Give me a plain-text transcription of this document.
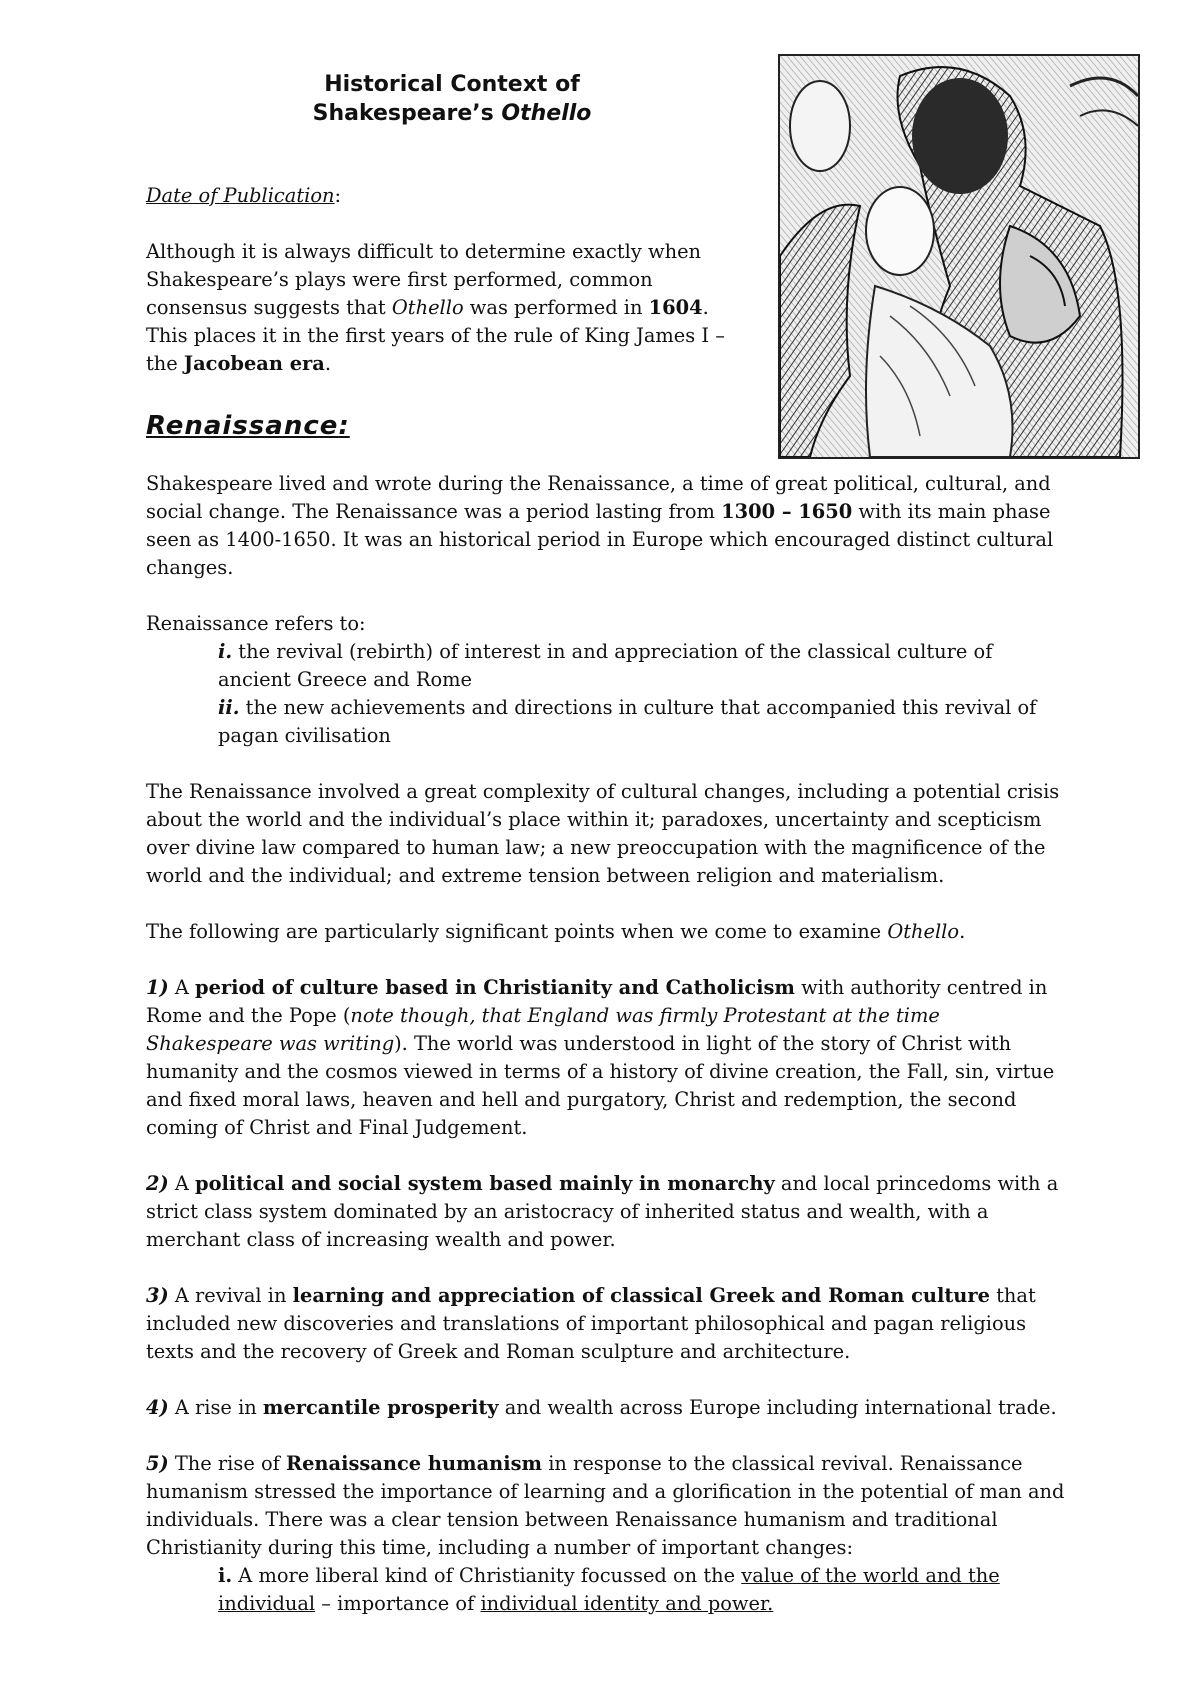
Historical Context of
Shakespeare’s Othello

Date of Publication:

Although it is always difficult to determine exactly when Shakespeare’s plays were first performed, common consensus suggests that Othello was performed in 1604. This places it in the first years of the rule of King James I – the Jacobean era.

Renaissance:

Shakespeare lived and wrote during the Renaissance, a time of great political, cultural, and social change. The Renaissance was a period lasting from 1300 – 1650 with its main phase seen as 1400-1650. It was an historical period in Europe which encouraged distinct cultural changes.

Renaissance refers to:

i. the revival (rebirth) of interest in and appreciation of the classical culture of ancient Greece and Rome

ii. the new achievements and directions in culture that accompanied this revival of pagan civilisation

The Renaissance involved a great complexity of cultural changes, including a potential crisis about the world and the individual’s place within it; paradoxes, uncertainty and scepticism over divine law compared to human law; a new preoccupation with the magnificence of the world and the individual; and extreme tension between religion and materialism.

The following are particularly significant points when we come to examine Othello.

1) A period of culture based in Christianity and Catholicism with authority centred in Rome and the Pope (note though, that England was firmly Protestant at the time Shakespeare was writing). The world was understood in light of the story of Christ with humanity and the cosmos viewed in terms of a history of divine creation, the Fall, sin, virtue and fixed moral laws, heaven and hell and purgatory, Christ and redemption, the second coming of Christ and Final Judgement.

2) A political and social system based mainly in monarchy and local princedoms with a strict class system dominated by an aristocracy of inherited status and wealth, with a merchant class of increasing wealth and power.

3) A revival in learning and appreciation of classical Greek and Roman culture that included new discoveries and translations of important philosophical and pagan religious texts and the recovery of Greek and Roman sculpture and architecture.

4) A rise in mercantile prosperity and wealth across Europe including international trade.

5) The rise of Renaissance humanism in response to the classical revival. Renaissance humanism stressed the importance of learning and a glorification in the potential of man and individuals. There was a clear tension between Renaissance humanism and traditional Christianity during this time, including a number of important changes:

i. A more liberal kind of Christianity focussed on the value of the world and the individual – importance of individual identity and power.
